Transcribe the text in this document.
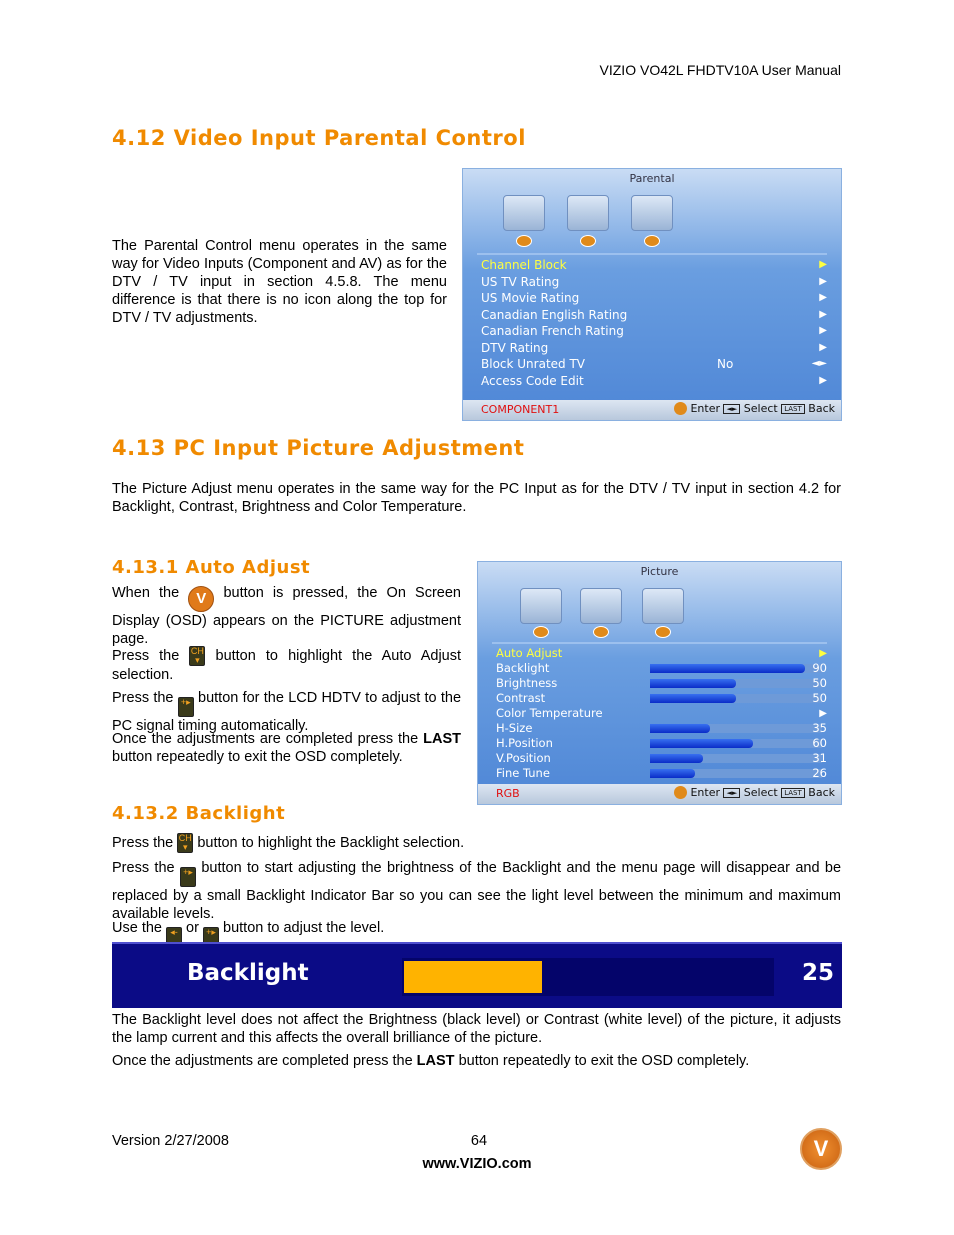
VIZIO VO42L FHDTV10A User Manual
4.12 Video Input Parental Control
The Parental Control menu operates in the same way for Video Inputs (Component and AV) as for the DTV / TV input in section 4.5.8. The menu difference is that there is no icon along the top for DTV / TV adjustments.
Parental
Channel Block	▶
US TV Rating	▶
US Movie Rating	▶
Canadian English Rating	▶
Canadian French Rating	▶
DTV Rating	▶
Block Unrated TV	No	◄►
Access Code Edit	▶
COMPONENT1	Enter ◄► Select LAST Back
4.13 PC Input Picture Adjustment
The Picture Adjust menu operates in the same way for the PC Input as for the DTV / TV input in section 4.2 for Backlight, Contrast, Brightness and Color Temperature.
4.13.1 Auto Adjust
When the V button is pressed, the On Screen Display (OSD) appears on the PICTURE adjustment page.
Press the CH
▾ button to highlight the Auto Adjust selection.
Press the +▸ button for the LCD HDTV to adjust to the PC signal timing automatically.
Once the adjustments are completed press the LAST button repeatedly to exit the OSD completely.
Picture
Auto Adjust	▶
Backlight	90
Brightness	50
Contrast	50
Color Temperature	▶
H-Size	35
H.Position	60
V.Position	31
Fine Tune	26
RGB	Enter ◄► Select LAST Back
4.13.2 Backlight
Press the CH
▾ button to highlight the Backlight selection.
Press the +▸ button to start adjusting the brightness of the Backlight and the menu page will disappear and be replaced by a small Backlight Indicator Bar so you can see the light level between the minimum and maximum available levels.
Use the ◂- or +▸ button to adjust the level.
Backlight	25
The Backlight level does not affect the Brightness (black level) or Contrast (white level) of the picture, it adjusts the lamp current and this affects the overall brilliance of the picture.
Once the adjustments are completed press the LAST button repeatedly to exit the OSD completely.
Version 2/27/2008	64
www.VIZIO.com
V
